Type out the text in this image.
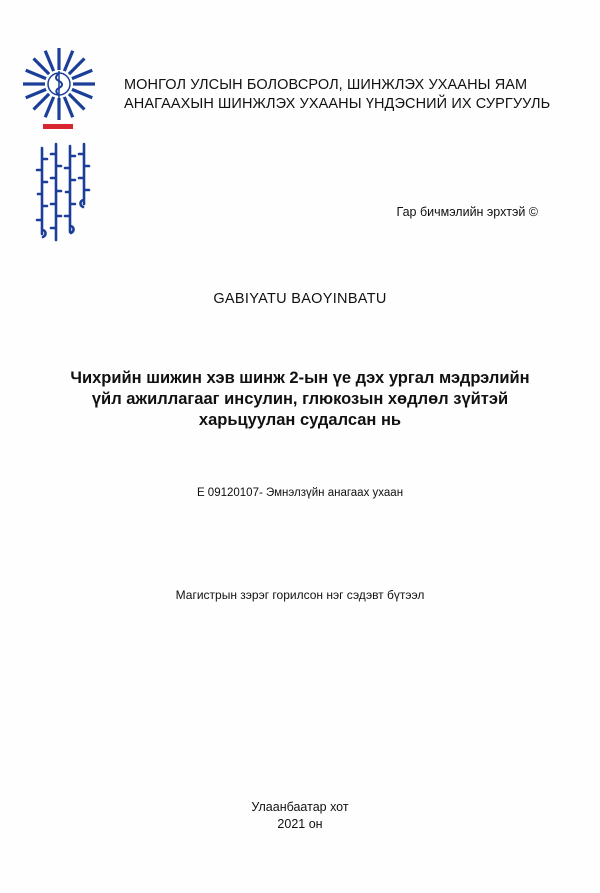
МОНГОЛ УЛСЫН БОЛОВСРОЛ, ШИНЖЛЭХ УХААНЫ ЯАМ
АНАГААХЫН ШИНЖЛЭХ УХААНЫ ҮНДЭСНИЙ ИХ СУРГУУЛЬ
Гар бичмэлийн эрхтэй ©
GABIYATU BAOYINBATU
Чихрийн шижин хэв шинж 2-ын үе дэх ургал мэдрэлийн
үйл ажиллагааг инсулин, глюкозын хөдлөл зүйтэй
харьцуулан судалсан нь
E 09120107- Эмнэлзүйн анагаах ухаан
Магистрын зэрэг горилсон нэг сэдэвт бүтээл
Улаанбаатар хот
2021 он
